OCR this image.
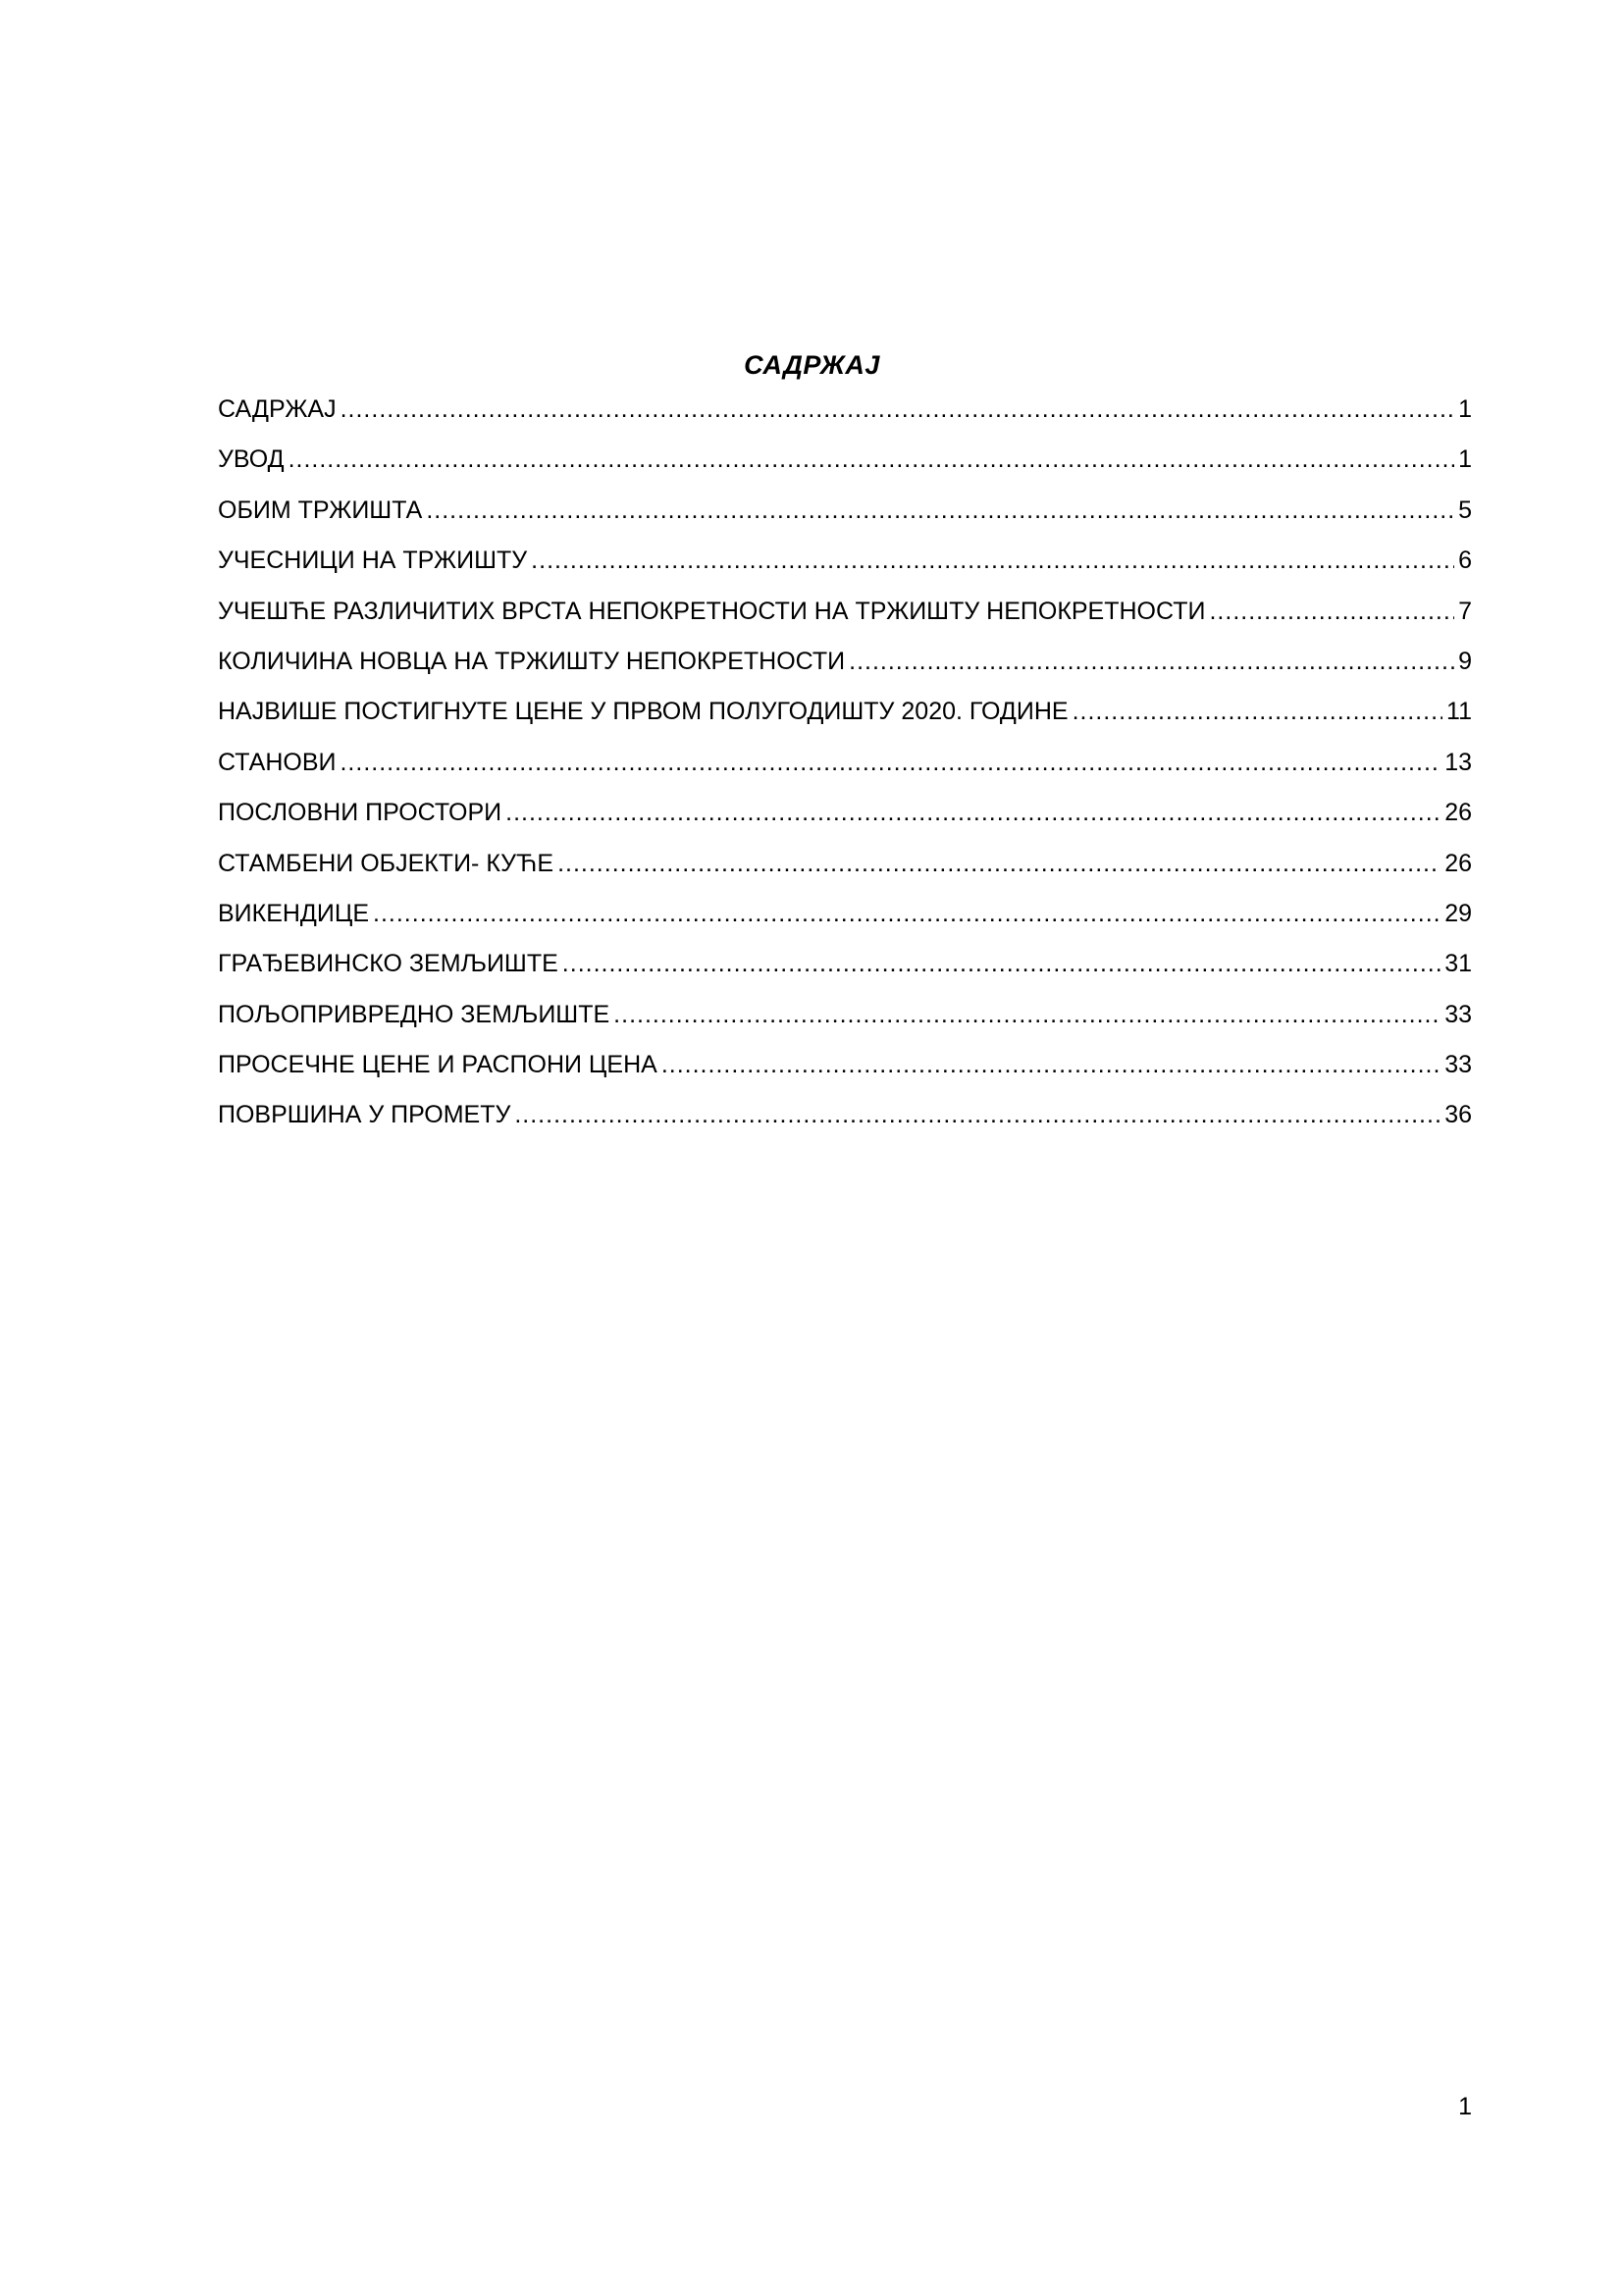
САДРЖАЈ
САДРЖАЈ .....	1
УВОД .....	1
ОБИМ ТРЖИШТА .....	5
УЧЕСНИЦИ НА ТРЖИШТУ .....	6
УЧЕШЋЕ РАЗЛИЧИТИХ ВРСТА НЕПОКРЕТНОСТИ НА ТРЖИШТУ НЕПОКРЕТНОСТИ .....	7
КОЛИЧИНА НОВЦА НА ТРЖИШТУ НЕПОКРЕТНОСТИ .....	9
НАЈВИШЕ ПОСТИГНУТЕ ЦЕНЕ У ПРВОМ ПОЛУГОДИШТУ 2020. ГОДИНЕ .....	11
СТАНОВИ .....	13
ПОСЛОВНИ ПРОСТОРИ .....	26
СТАМБЕНИ ОБЈЕКТИ- КУЋЕ .....	26
ВИКЕНДИЦЕ .....	29
ГРАЂЕВИНСКО ЗЕМЉИШТЕ .....	31
ПОЉОПРИВРЕДНО ЗЕМЉИШТЕ .....	33
ПРОСЕЧНЕ ЦЕНЕ И РАСПОНИ ЦЕНА .....	33
ПОВРШИНА У ПРОМЕТУ .....	36
1
